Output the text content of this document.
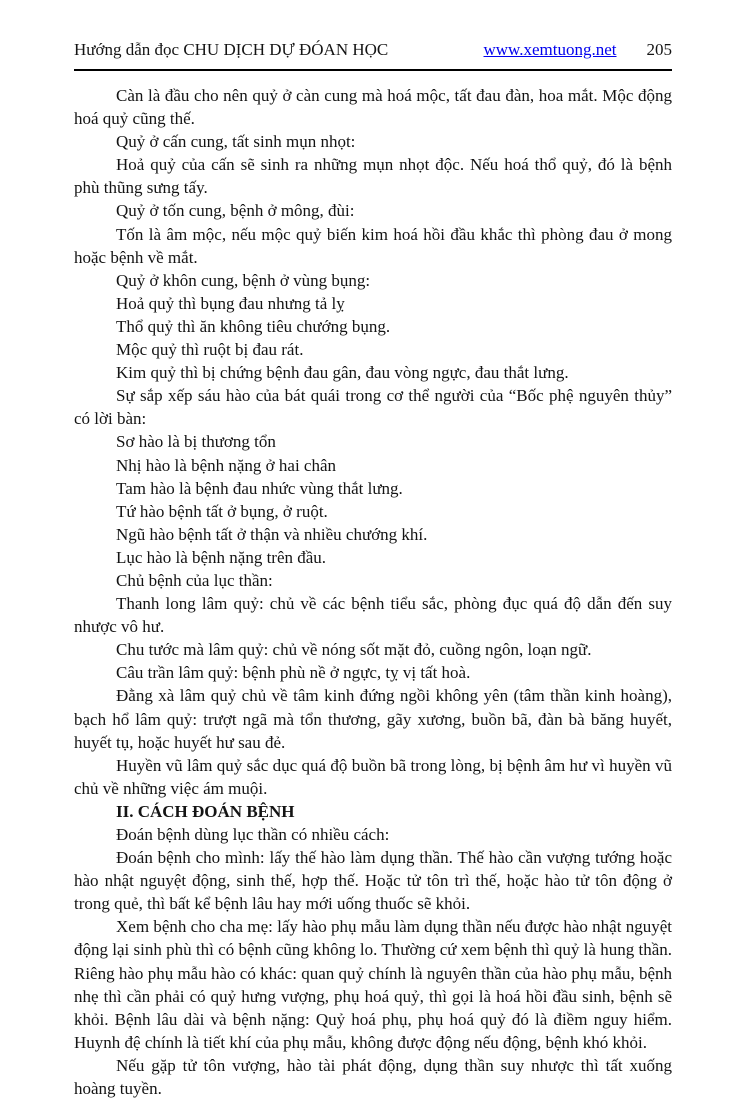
Hướng dẫn đọc CHU DỊCH DỰ ĐÓAN HỌC	www.xemtuong.net 205

Càn là đầu cho nên quỷ ở càn cung mà hoá mộc, tất đau đàn, hoa mắt. Mộc động hoá quỷ cũng thế.

Quỷ ở cấn cung, tất sinh mụn nhọt:

Hoả quỷ của cấn sẽ sinh ra những mụn nhọt độc. Nếu hoá thổ quỷ, đó là bệnh phù thũng sưng tấy.

Quỷ ở tốn cung, bệnh ở mông, đùi:

Tốn là âm mộc, nếu mộc quỷ biến kim hoá hồi đầu khắc thì phòng đau ở mong hoặc bệnh về mắt.

Quỷ ở khôn cung, bệnh ở vùng bụng:

Hoả quỷ thì bụng đau nhưng tả lỵ

Thổ quỷ thì ăn không tiêu chướng bụng.

Mộc quỷ thì ruột bị đau rát.

Kim quỷ thì bị chứng bệnh đau gân, đau vòng ngực, đau thắt lưng.

Sự sắp xếp sáu hào của bát quái trong cơ thể người của “Bốc phệ nguyên thủy” có lời bàn:

Sơ hào là bị thương tổn

Nhị hào là bệnh nặng ở hai chân

Tam hào là bệnh đau nhức vùng thắt lưng.

Tứ hào bệnh tất ở bụng, ở ruột.

Ngũ hào bệnh tất ở thận và nhiều chướng khí.

Lục hào là bệnh nặng trên đầu.

Chủ bệnh của lục thần:

Thanh long lâm quỷ: chủ về các bệnh tiểu sắc, phòng đục quá độ dẫn đến suy nhược vô hư.

Chu tước mà lâm quỷ: chủ về nóng sốt mặt đỏ, cuồng ngôn, loạn ngữ.

Câu trần lâm quỷ: bệnh phù nề ở ngực, tỵ vị tất hoà.

Đằng xà lâm quỷ chủ về tâm kinh đứng ngồi không yên (tâm thần kinh hoàng), bạch hổ lâm quỷ: trượt ngã mà tổn thương, gãy xương, buồn bã, đàn bà băng huyết, huyết tụ, hoặc huyết hư sau đẻ.

Huyền vũ lâm quỷ sắc dục quá độ buồn bã trong lòng, bị bệnh âm hư vì huyền vũ chủ về những việc ám muội.

II. CÁCH ĐOÁN BỆNH

Đoán bệnh dùng lục thần có nhiều cách:

Đoán bệnh cho mình: lấy thế hào làm dụng thần. Thế hào cần vượng tướng hoặc hào nhật nguyệt động, sinh thế, hợp thế. Hoặc tử tôn trì thế, hoặc hào tử tôn động ở trong quẻ, thì bất kể bệnh lâu hay mới uống thuốc sẽ khỏi.

Xem bệnh cho cha mẹ: lấy hào phụ mẫu làm dụng thần nếu được hào nhật nguyệt động lại sinh phù thì có bệnh cũng không lo. Thường cứ xem bệnh thì quỷ là hung thần. Riêng hào phụ mẫu hào có khác: quan quỷ chính là nguyên thần của hào phụ mẫu, bệnh nhẹ thì cần phải có quỷ hưng vượng, phụ hoá quỷ, thì gọi là hoá hồi đầu sinh, bệnh sẽ khỏi. Bệnh lâu dài và bệnh nặng: Quỷ hoá phụ, phụ hoá quỷ đó là điềm nguy hiểm. Huynh đệ chính là tiết khí của phụ mẫu, không được động nếu động, bệnh khó khỏi.

Nếu gặp tử tôn vượng, hào tài phát động, dụng thần suy nhược thì tất xuống hoàng tuyền.
